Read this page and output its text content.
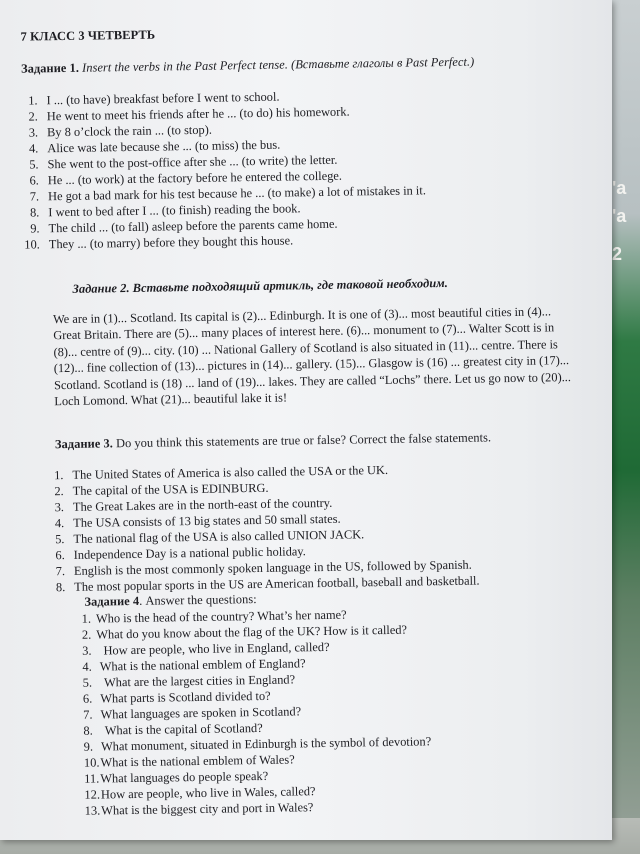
'a
'a
2
7 КЛАСС 3 ЧЕТВЕРТЬ
Задание 1. Insert the verbs in the Past Perfect tense. (Вставьте глаголы в Past Perfect.)
1. I ... (to have) breakfast before I went to school.
2. He went to meet his friends after he ... (to do) his homework.
3. By 8 o’clock the rain ... (to stop).
4. Alice was late because she ... (to miss) the bus.
5. She went to the post-office after she ... (to write) the letter.
6. He ... (to work) at the factory before he entered the college.
7. He got a bad mark for his test because he ... (to make) a lot of mistakes in it.
8. I went to bed after I ... (to finish) reading the book.
9. The child ... (to fall) asleep before the parents came home.
10. They ... (to marry) before they bought this house.
Задание 2. Вставьте подходящий артикль, где таковой необходим.
We are in (1)... Scotland. Its capital is (2)... Edinburgh. It is one of (3)... most beautiful cities in (4)... Great Britain. There are (5)... many places of interest here. (6)... monument to (7)... Walter Scott is in (8)... centre of (9)... city. (10) ... National Gallery of Scotland is also situated in (11)... centre. There is (12)... fine collection of (13)... pictures in (14)... gallery. (15)... Glasgow is (16) ... greatest city in (17)... Scotland. Scotland is (18) ... land of (19)... lakes. They are called “Lochs” there. Let us go now to (20)... Loch Lomond. What (21)... beautiful lake it is!
Задание 3. Do you think this statements are true or false? Correct the false statements.
1. The United States of America is also called the USA or the UK.
2. The capital of the USA is EDINBURG.
3. The Great Lakes are in the north-east of the country.
4. The USA consists of 13 big states and 50 small states.
5. The national flag of the USA is also called UNION JACK.
6. Independence Day is a national public holiday.
7. English is the most commonly spoken language in the US, followed by Spanish.
8. The most popular sports in the US are American football, baseball and basketball.
Задание 4. Answer the questions:
1. Who is the head of the country? What’s her name?
2. What do you know about the flag of the UK? How is it called?
3. How are people, who live in England, called?
4. What is the national emblem of England?
5. What are the largest cities in England?
6. What parts is Scotland divided to?
7. What languages are spoken in Scotland?
8. What is the capital of Scotland?
9. What monument, situated in Edinburgh is the symbol of devotion?
10.What is the national emblem of Wales?
11.What languages do people speak?
12.How are people, who live in Wales, called?
13.What is the biggest city and port in Wales?
